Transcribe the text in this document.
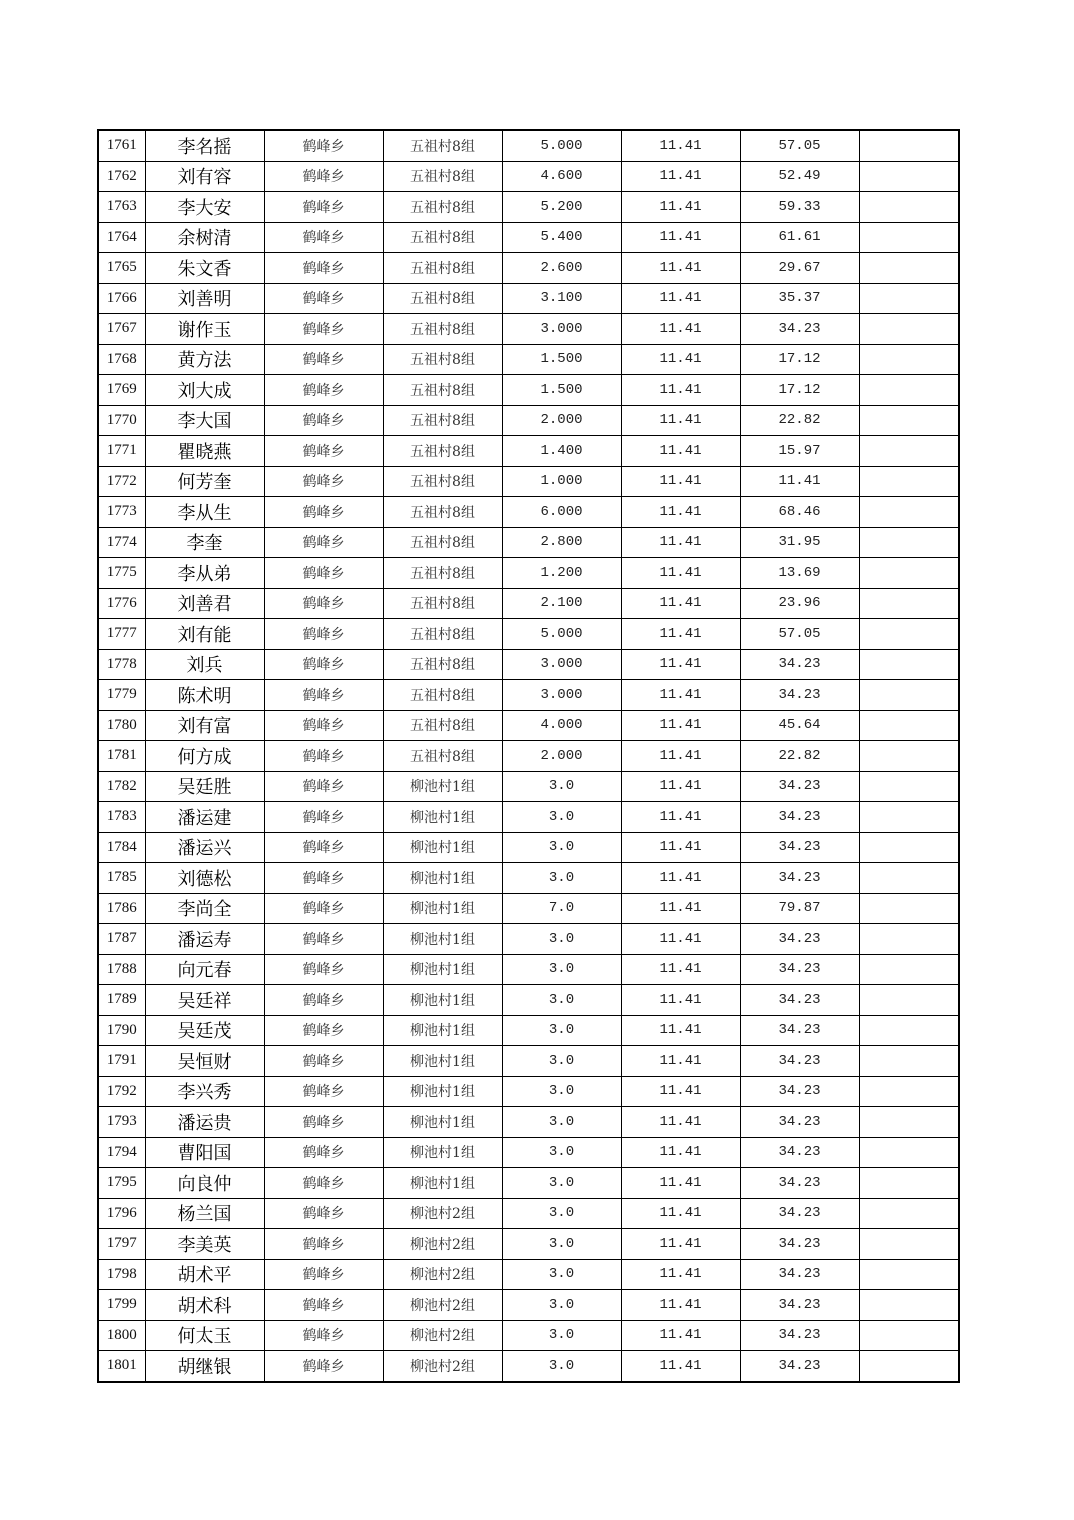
1761	李名摇	鹤峰乡	五祖村8组	5.000	11.41	57.05	
1762	刘有容	鹤峰乡	五祖村8组	4.600	11.41	52.49	
1763	李大安	鹤峰乡	五祖村8组	5.200	11.41	59.33	
1764	余树清	鹤峰乡	五祖村8组	5.400	11.41	61.61	
1765	朱文香	鹤峰乡	五祖村8组	2.600	11.41	29.67	
1766	刘善明	鹤峰乡	五祖村8组	3.100	11.41	35.37	
1767	谢作玉	鹤峰乡	五祖村8组	3.000	11.41	34.23	
1768	黄方法	鹤峰乡	五祖村8组	1.500	11.41	17.12	
1769	刘大成	鹤峰乡	五祖村8组	1.500	11.41	17.12	
1770	李大国	鹤峰乡	五祖村8组	2.000	11.41	22.82	
1771	瞿晓燕	鹤峰乡	五祖村8组	1.400	11.41	15.97	
1772	何芳奎	鹤峰乡	五祖村8组	1.000	11.41	11.41	
1773	李从生	鹤峰乡	五祖村8组	6.000	11.41	68.46	
1774	李奎	鹤峰乡	五祖村8组	2.800	11.41	31.95	
1775	李从弟	鹤峰乡	五祖村8组	1.200	11.41	13.69	
1776	刘善君	鹤峰乡	五祖村8组	2.100	11.41	23.96	
1777	刘有能	鹤峰乡	五祖村8组	5.000	11.41	57.05	
1778	刘兵	鹤峰乡	五祖村8组	3.000	11.41	34.23	
1779	陈术明	鹤峰乡	五祖村8组	3.000	11.41	34.23	
1780	刘有富	鹤峰乡	五祖村8组	4.000	11.41	45.64	
1781	何方成	鹤峰乡	五祖村8组	2.000	11.41	22.82	
1782	吴廷胜	鹤峰乡	柳池村1组	3.0	11.41	34.23	
1783	潘运建	鹤峰乡	柳池村1组	3.0	11.41	34.23	
1784	潘运兴	鹤峰乡	柳池村1组	3.0	11.41	34.23	
1785	刘德松	鹤峰乡	柳池村1组	3.0	11.41	34.23	
1786	李尚全	鹤峰乡	柳池村1组	7.0	11.41	79.87	
1787	潘运寿	鹤峰乡	柳池村1组	3.0	11.41	34.23	
1788	向元春	鹤峰乡	柳池村1组	3.0	11.41	34.23	
1789	吴廷祥	鹤峰乡	柳池村1组	3.0	11.41	34.23	
1790	吴廷茂	鹤峰乡	柳池村1组	3.0	11.41	34.23	
1791	吴恒财	鹤峰乡	柳池村1组	3.0	11.41	34.23	
1792	李兴秀	鹤峰乡	柳池村1组	3.0	11.41	34.23	
1793	潘运贵	鹤峰乡	柳池村1组	3.0	11.41	34.23	
1794	曹阳国	鹤峰乡	柳池村1组	3.0	11.41	34.23	
1795	向良仲	鹤峰乡	柳池村1组	3.0	11.41	34.23	
1796	杨兰国	鹤峰乡	柳池村2组	3.0	11.41	34.23	
1797	李美英	鹤峰乡	柳池村2组	3.0	11.41	34.23	
1798	胡术平	鹤峰乡	柳池村2组	3.0	11.41	34.23	
1799	胡术科	鹤峰乡	柳池村2组	3.0	11.41	34.23	
1800	何太玉	鹤峰乡	柳池村2组	3.0	11.41	34.23	
1801	胡继银	鹤峰乡	柳池村2组	3.0	11.41	34.23	
